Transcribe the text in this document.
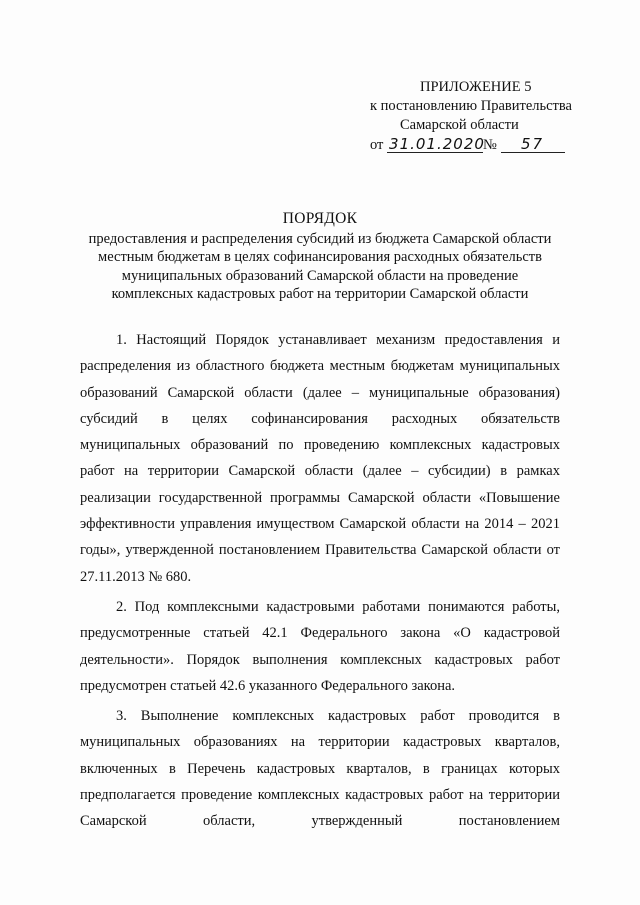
ПРИЛОЖЕНИЕ 5
к постановлению Правительства
Самарской области
от 31.01.2020№ 57
ПОРЯДОК
предоставления и распределения субсидий из бюджета Самарской области
местным бюджетам в целях софинансирования расходных обязательств
муниципальных образований Самарской области на проведение
комплексных кадастровых работ на территории Самарской области

1. Настоящий Порядок устанавливает механизм предоставления и распределения из областного бюджета местным бюджетам муниципальных образований Самарской области (далее – муниципальные образования) субсидий в целях софинансирования расходных обязательств муниципальных образований по проведению комплексных кадастровых работ на территории Самарской области (далее – субсидии) в рамках реализации государственной программы Самарской области «Повышение эффективности управления имуществом Самарской области на 2014 – 2021 годы», утвержденной постановлением Правительства Самарской области от 27.11.2013 № 680.

2. Под комплексными кадастровыми работами понимаются работы, предусмотренные статьей 42.1 Федерального закона «О кадастровой деятельности». Порядок выполнения комплексных кадастровых работ предусмотрен статьей 42.6 указанного Федерального закона.

3. Выполнение комплексных кадастровых работ проводится в муниципальных образованиях на территории кадастровых кварталов, включенных в Перечень кадастровых кварталов, в границах которых предполагается проведение комплексных кадастровых работ на территории Самарской области, утвержденный постановлением
